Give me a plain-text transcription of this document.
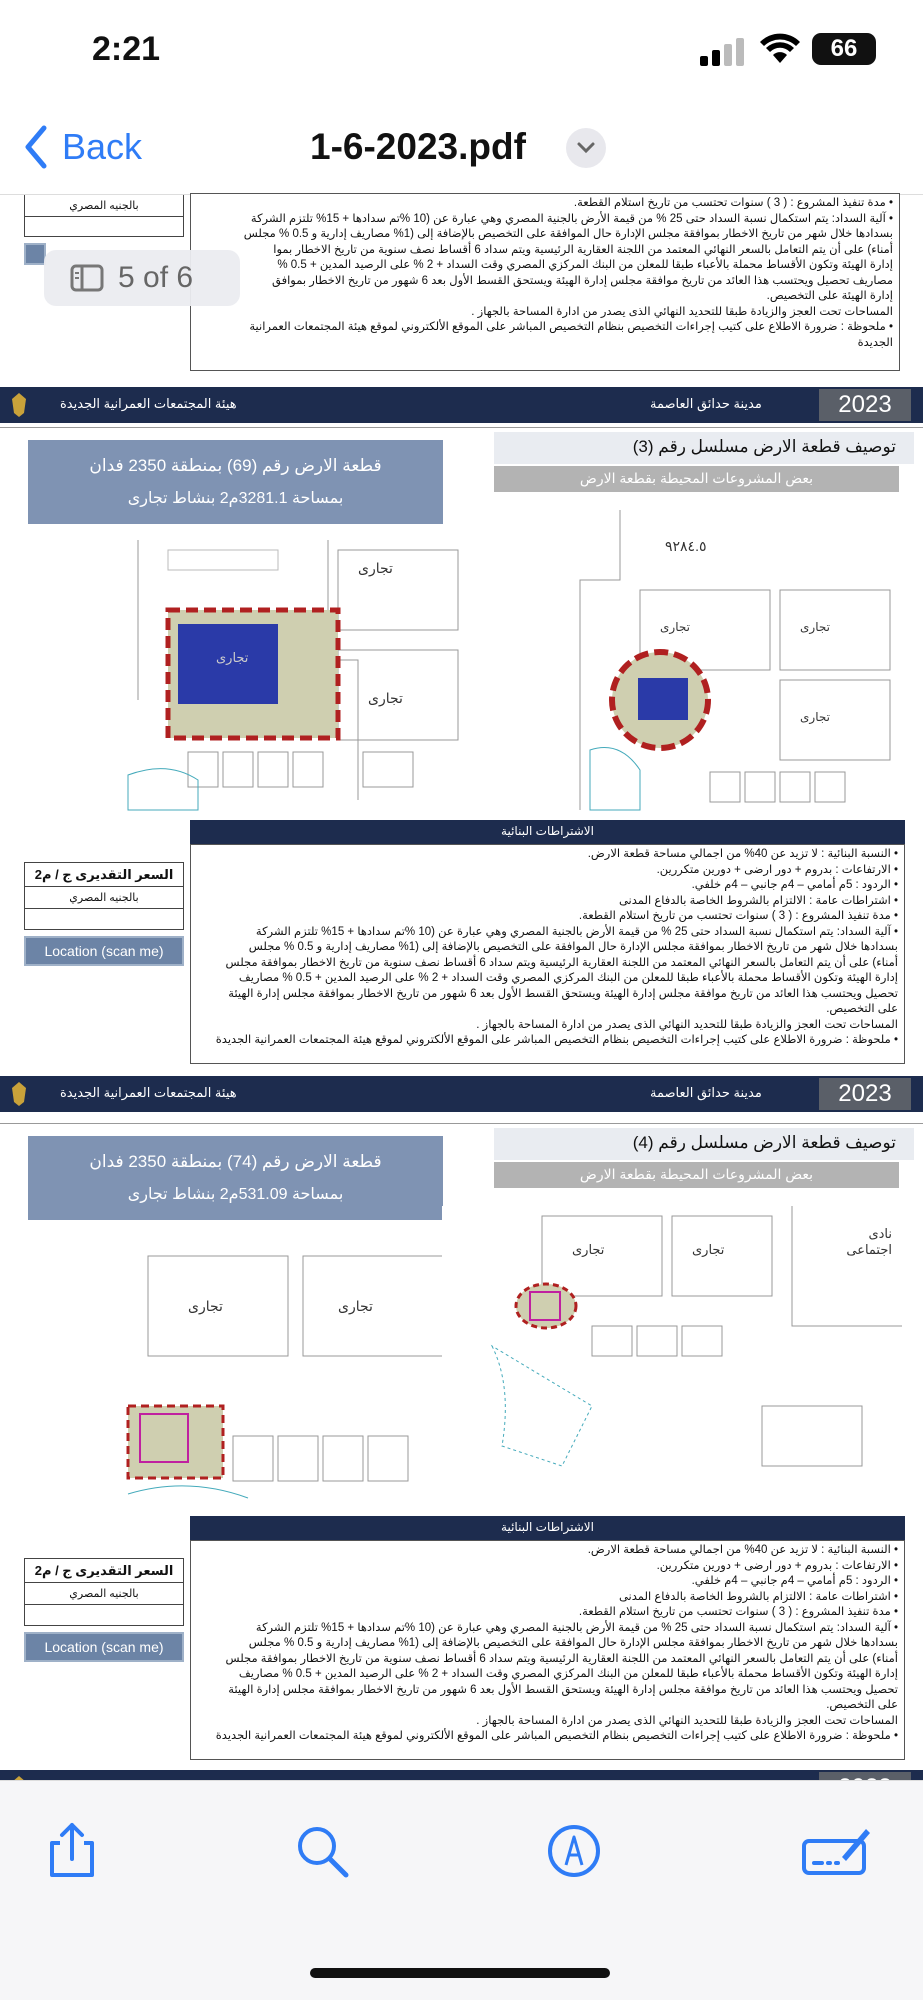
2:21	66
Back	1-6-2023.pdf
بالجنيه المصري	• مدة تنفيذ المشروع : ( 3 ) سنوات تحتسب من تاريخ استلام القطعة.
• آلية السداد: يتم استكمال نسبة السداد حتى 25 % من قيمة الأرض بالجنية المصري وهي عبارة عن (10 %تم سدادها + 15% تلتزم الشركة
بسدادها خلال شهر من تاريخ الاخطار بموافقة مجلس الإدارة حال الموافقة على التخصيص بالإضافة إلى (1% مصاريف إدارية و 0.5 % مجلس
أمناء) على أن يتم التعامل بالسعر النهائي المعتمد من اللجنة العقارية الرئيسية ويتم سداد 6 أقساط نصف سنوية من تاريخ الاخطار بموا
إدارة الهيئة وتكون الأقساط محملة بالأعباء طبقا للمعلن من البنك المركزي المصري وقت السداد + 2 % على الرصيد المدين + 0.5 %
مصاريف تحصيل ويحتسب هذا العائد من تاريخ موافقة مجلس إدارة الهيئة ويستحق القسط الأول بعد 6 شهور من تاريخ الاخطار بموافق
إدارة الهيئة على التخصيص.
المساحات تحت العجز والزيادة طبقا للتحديد النهائي الذى يصدر من ادارة المساحة بالجهاز .
• ملحوظة : ضرورة الاطلاع على كتيب إجراءات التخصيص بنظام التخصيص المباشر على الموقع الألكتروني لموقع هيئة المجتمعات العمرانية
الجديدة
هيئة المجتمعات العمرانية الجديدة	مدينة حدائق العاصمة	2023
قطعة الارض رقم (69) بمنطقة 2350 فدان
بمساحة 3281.1م2 بنشاط تجارى
توصيف قطعة الارض مسلسل رقم (3)
بعض المشروعات المحيطة بقطعة الارض
تجارى
تجارى
تجارى
٩٢٨٤.٥
تجارى	تجارى
تجارى
الاشتراطات البنائية
• النسبة البنائية : لا تزيد عن 40% من اجمالي مساحة قطعة الارض.
• الارتفاعات : بدروم + دور ارضى + دورين متكررين.
• الردود : 5م أمامي – 4م جانبي – 4م خلفي.
• اشتراطات عامة : الالتزام بالشروط الخاصة بالدفاع المدنى
• مدة تنفيذ المشروع : ( 3 ) سنوات تحتسب من تاريخ استلام القطعة.
• آلية السداد: يتم استكمال نسبة السداد حتى 25 % من قيمة الأرض بالجنية المصري وهي عبارة عن (10 %تم سدادها + 15% تلتزم الشركة
بسدادها خلال شهر من تاريخ الاخطار بموافقة مجلس الإدارة حال الموافقة على التخصيص بالإضافة إلى (1% مصاريف إدارية و 0.5 % مجلس
أمناء) على أن يتم التعامل بالسعر النهائي المعتمد من اللجنة العقارية الرئيسية ويتم سداد 6 أقساط نصف سنوية من تاريخ الاخطار بموافقة مجلس
إدارة الهيئة وتكون الأقساط محملة بالأعباء طبقا للمعلن من البنك المركزي المصري وقت السداد + 2 % على الرصيد المدين + 0.5 % مصاريف
تحصيل ويحتسب هذا العائد من تاريخ موافقة مجلس إدارة الهيئة ويستحق القسط الأول بعد 6 شهور من تاريخ الاخطار بموافقة مجلس إدارة الهيئة
على التخصيص.
المساحات تحت العجز والزيادة طبقا للتحديد النهائي الذى يصدر من ادارة المساحة بالجهاز .
• ملحوظة : ضرورة الاطلاع على كتيب إجراءات التخصيص بنظام التخصيص المباشر على الموقع الألكتروني لموقع هيئة المجتمعات العمرانية الجديدة
السعر التقديرى ج / م2
بالجنيه المصري
Location (scan me)
هيئة المجتمعات العمرانية الجديدة	مدينة حدائق العاصمة	2023
قطعة الارض رقم (74) بمنطقة 2350 فدان
بمساحة 531.09م2 بنشاط تجارى
توصيف قطعة الارض مسلسل رقم (4)
بعض المشروعات المحيطة بقطعة الارض
تجارى	تجارى
تجارى	تجارى
نادى اجتماعى
الاشتراطات البنائية
• النسبة البنائية : لا تزيد عن 40% من اجمالي مساحة قطعة الارض.
• الارتفاعات : بدروم + دور ارضى + دورين متكررين.
• الردود : 5م أمامي – 4م جانبي – 4م خلفي.
• اشتراطات عامة : الالتزام بالشروط الخاصة بالدفاع المدنى
• مدة تنفيذ المشروع : ( 3 ) سنوات تحتسب من تاريخ استلام القطعة.
• آلية السداد: يتم استكمال نسبة السداد حتى 25 % من قيمة الأرض بالجنية المصري وهي عبارة عن (10 %تم سدادها + 15% تلتزم الشركة
بسدادها خلال شهر من تاريخ الاخطار بموافقة مجلس الإدارة حال الموافقة على التخصيص بالإضافة إلى (1% مصاريف إدارية و 0.5 % مجلس
أمناء) على أن يتم التعامل بالسعر النهائي المعتمد من اللجنة العقارية الرئيسية ويتم سداد 6 أقساط نصف سنوية من تاريخ الاخطار بموافقة مجلس
إدارة الهيئة وتكون الأقساط محملة بالأعباء طبقا للمعلن من البنك المركزي المصري وقت السداد + 2 % على الرصيد المدين + 0.5 % مصاريف
تحصيل ويحتسب هذا العائد من تاريخ موافقة مجلس إدارة الهيئة ويستحق القسط الأول بعد 6 شهور من تاريخ الاخطار بموافقة مجلس إدارة الهيئة
على التخصيص.
المساحات تحت العجز والزيادة طبقا للتحديد النهائي الذى يصدر من ادارة المساحة بالجهاز .
• ملحوظة : ضرورة الاطلاع على كتيب إجراءات التخصيص بنظام التخصيص المباشر على الموقع الألكتروني لموقع هيئة المجتمعات العمرانية الجديدة
السعر التقديرى ج / م2
بالجنيه المصري
Location (scan me)
5 of 6
